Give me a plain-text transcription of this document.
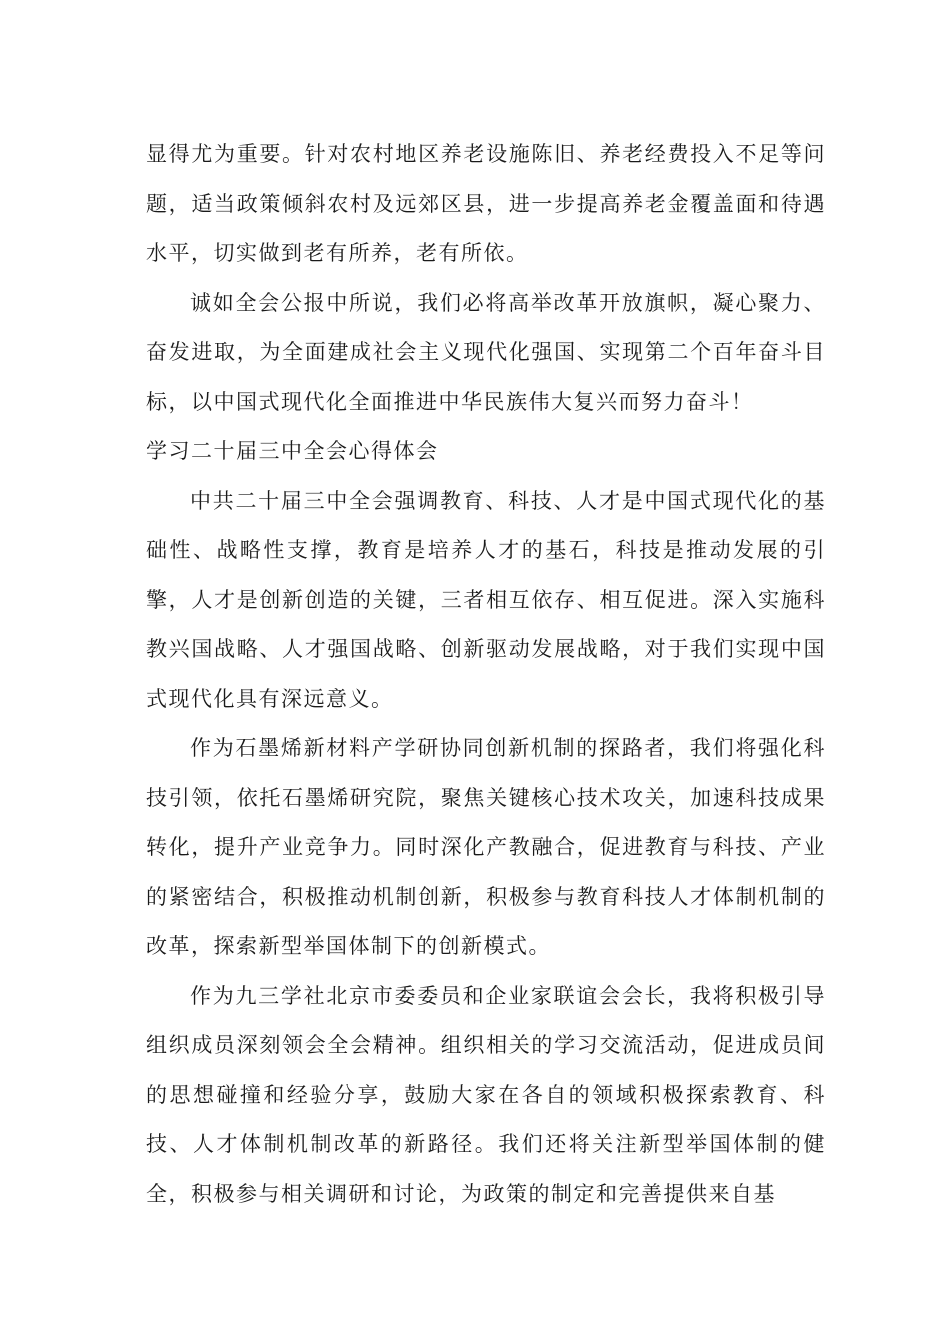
显得尤为重要。针对农村地区养老设施陈旧、养老经费投入不足等问题，适当政策倾斜农村及远郊区县，进一步提高养老金覆盖面和待遇水平，切实做到老有所养，老有所依。

诚如全会公报中所说，我们必将高举改革开放旗帜，凝心聚力、奋发进取，为全面建成社会主义现代化强国、实现第二个百年奋斗目标，以中国式现代化全面推进中华民族伟大复兴而努力奋斗！

学习二十届三中全会心得体会

中共二十届三中全会强调教育、科技、人才是中国式现代化的基础性、战略性支撑，教育是培养人才的基石，科技是推动发展的引擎，人才是创新创造的关键，三者相互依存、相互促进。深入实施科教兴国战略、人才强国战略、创新驱动发展战略，对于我们实现中国式现代化具有深远意义。

作为石墨烯新材料产学研协同创新机制的探路者，我们将强化科技引领，依托石墨烯研究院，聚焦关键核心技术攻关，加速科技成果转化，提升产业竞争力。同时深化产教融合，促进教育与科技、产业的紧密结合，积极推动机制创新，积极参与教育科技人才体制机制的改革，探索新型举国体制下的创新模式。

作为九三学社北京市委委员和企业家联谊会会长，我将积极引导组织成员深刻领会全会精神。组织相关的学习交流活动，促进成员间的思想碰撞和经验分享，鼓励大家在各自的领域积极探索教育、科技、人才体制机制改革的新路径。我们还将关注新型举国体制的健全，积极参与相关调研和讨论，为政策的制定和完善提供来自基
